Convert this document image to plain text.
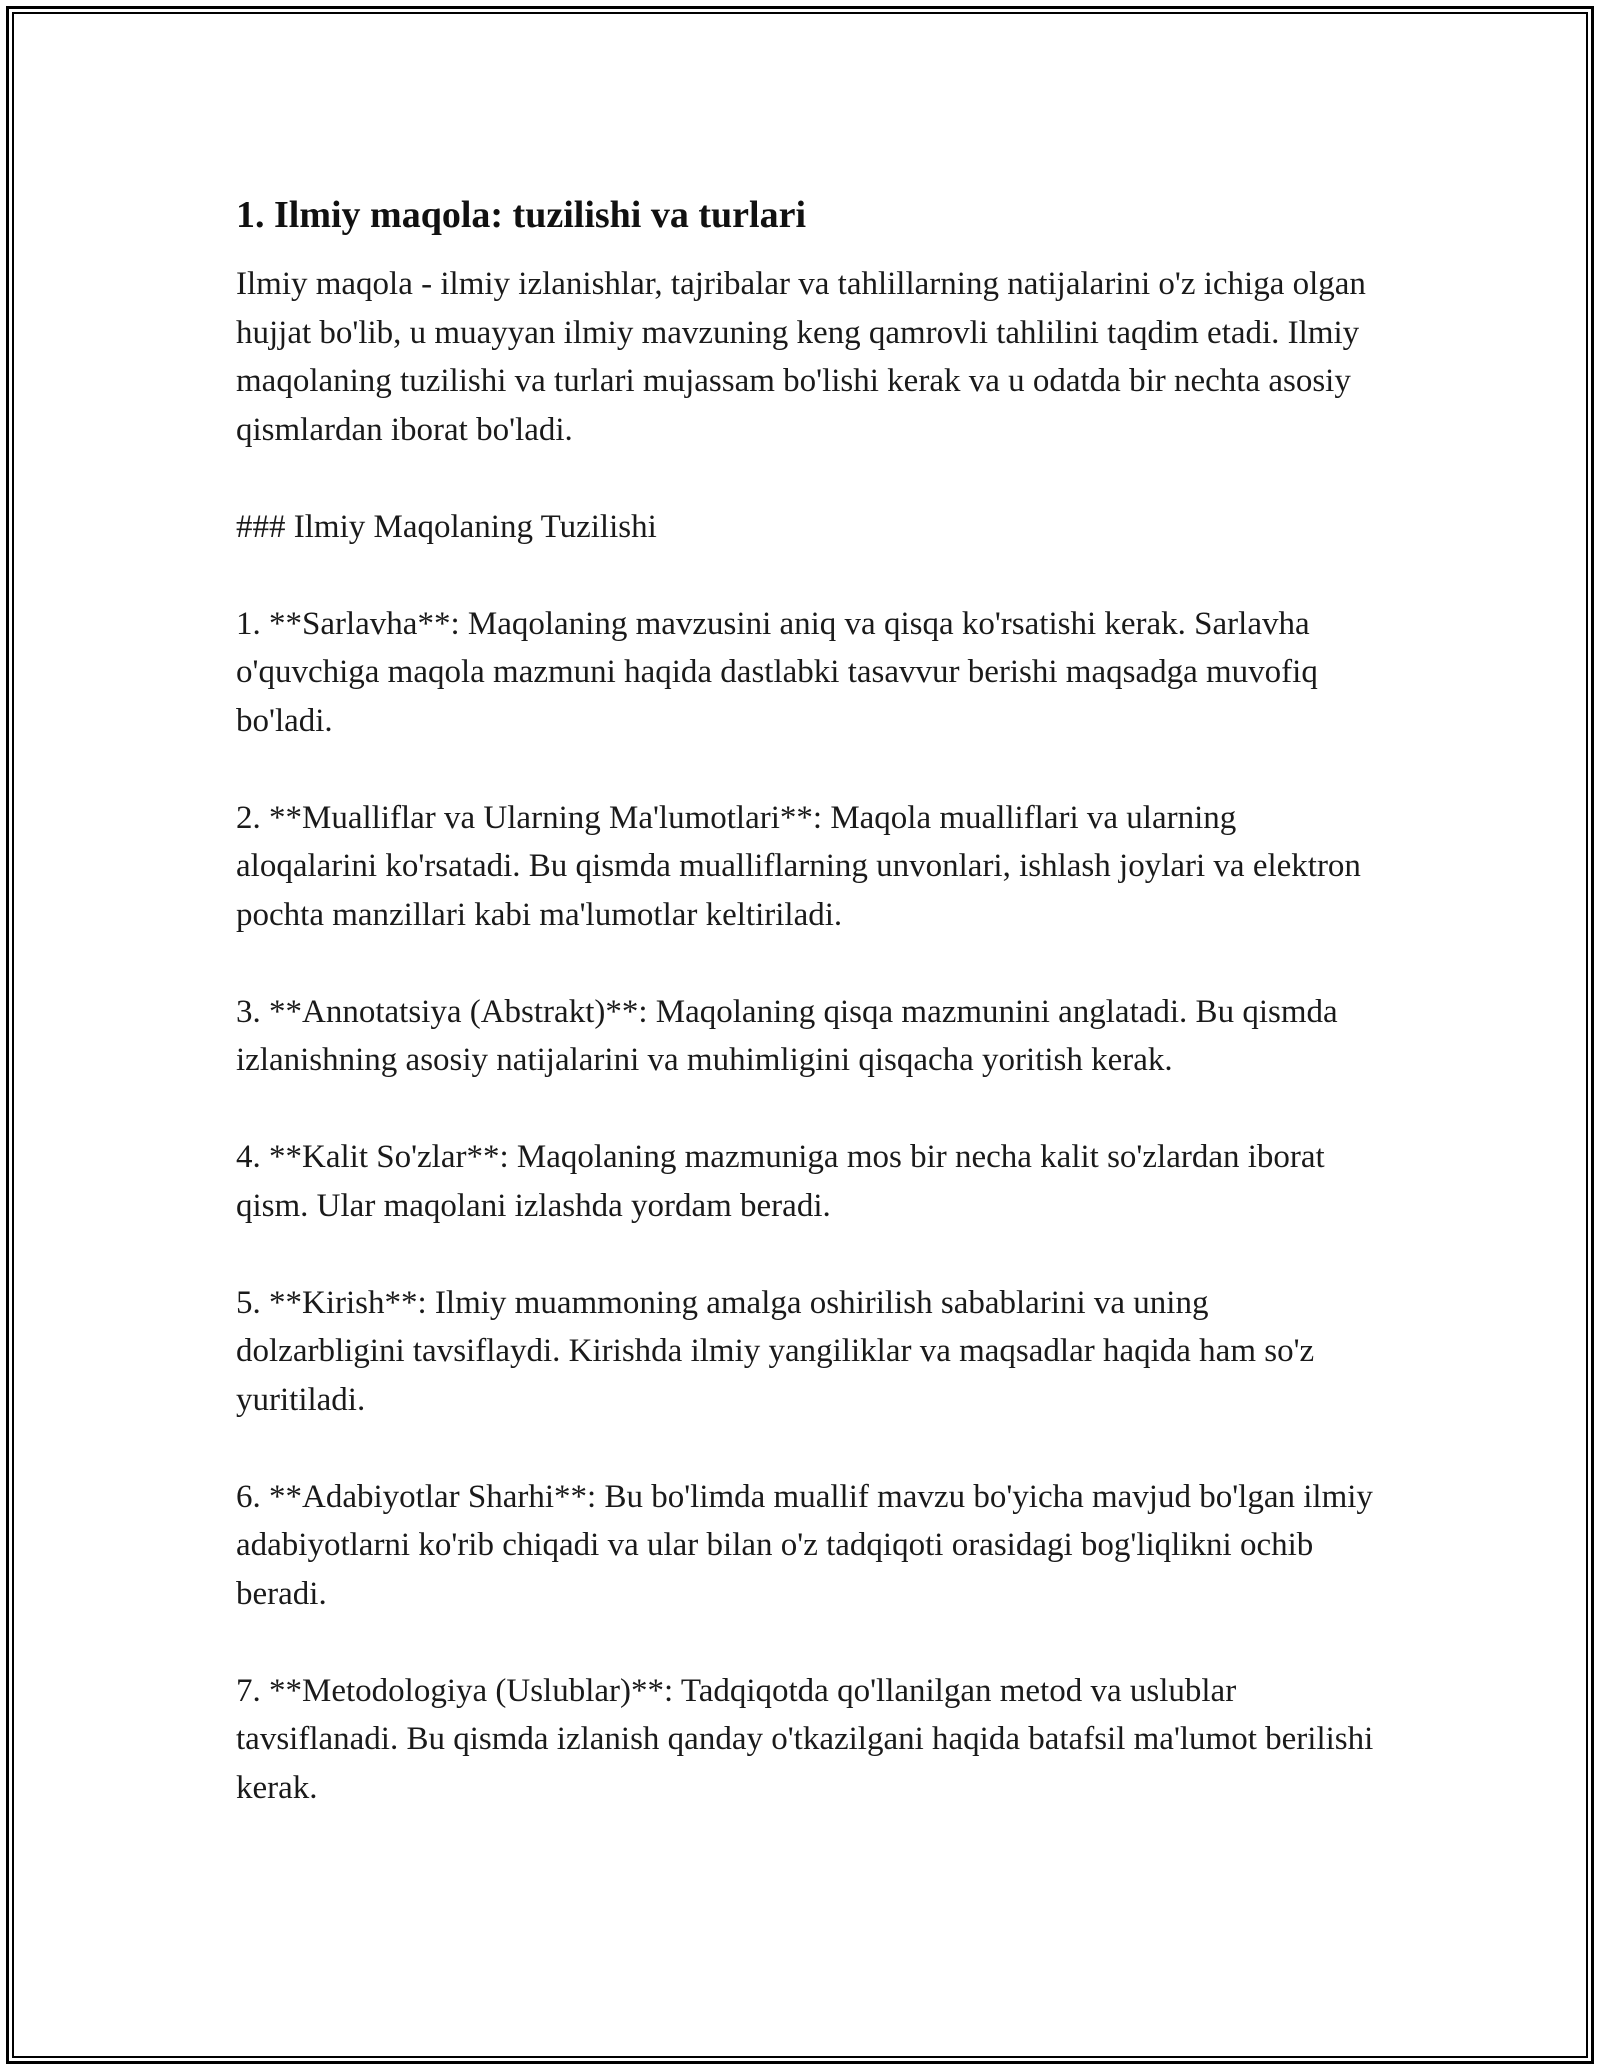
1. Ilmiy maqola: tuzilishi va turlari

Ilmiy maqola - ilmiy izlanishlar, tajribalar va tahlillarning natijalarini o'z ichiga olgan hujjat bo'lib, u muayyan ilmiy mavzuning keng qamrovli tahlilini taqdim etadi. Ilmiy maqolaning tuzilishi va turlari mujassam bo'lishi kerak va u odatda bir nechta asosiy qismlardan iborat bo'ladi.

### Ilmiy Maqolaning Tuzilishi

1. **Sarlavha**: Maqolaning mavzusini aniq va qisqa ko'rsatishi kerak. Sarlavha o'quvchiga maqola mazmuni haqida dastlabki tasavvur berishi maqsadga muvofiq bo'ladi.

2. **Mualliflar va Ularning Ma'lumotlari**: Maqola mualliflari va ularning aloqalarini ko'rsatadi. Bu qismda mualliflarning unvonlari, ishlash joylari va elektron pochta manzillari kabi ma'lumotlar keltiriladi.

3. **Annotatsiya (Abstrakt)**: Maqolaning qisqa mazmunini anglatadi. Bu qismda izlanishning asosiy natijalarini va muhimligini qisqacha yoritish kerak.

4. **Kalit So'zlar**: Maqolaning mazmuniga mos bir necha kalit so'zlardan iborat qism. Ular maqolani izlashda yordam beradi.

5. **Kirish**: Ilmiy muammoning amalga oshirilish sabablarini va uning dolzarbligini tavsiflaydi. Kirishda ilmiy yangiliklar va maqsadlar haqida ham so'z yuritiladi.

6. **Adabiyotlar Sharhi**: Bu bo'limda muallif mavzu bo'yicha mavjud bo'lgan ilmiy adabiyotlarni ko'rib chiqadi va ular bilan o'z tadqiqoti orasidagi bog'liqlikni ochib beradi.

7. **Metodologiya (Uslublar)**: Tadqiqotda qo'llanilgan metod va uslublar tavsiflanadi. Bu qismda izlanish qanday o'tkazilgani haqida batafsil ma'lumot berilishi kerak.
